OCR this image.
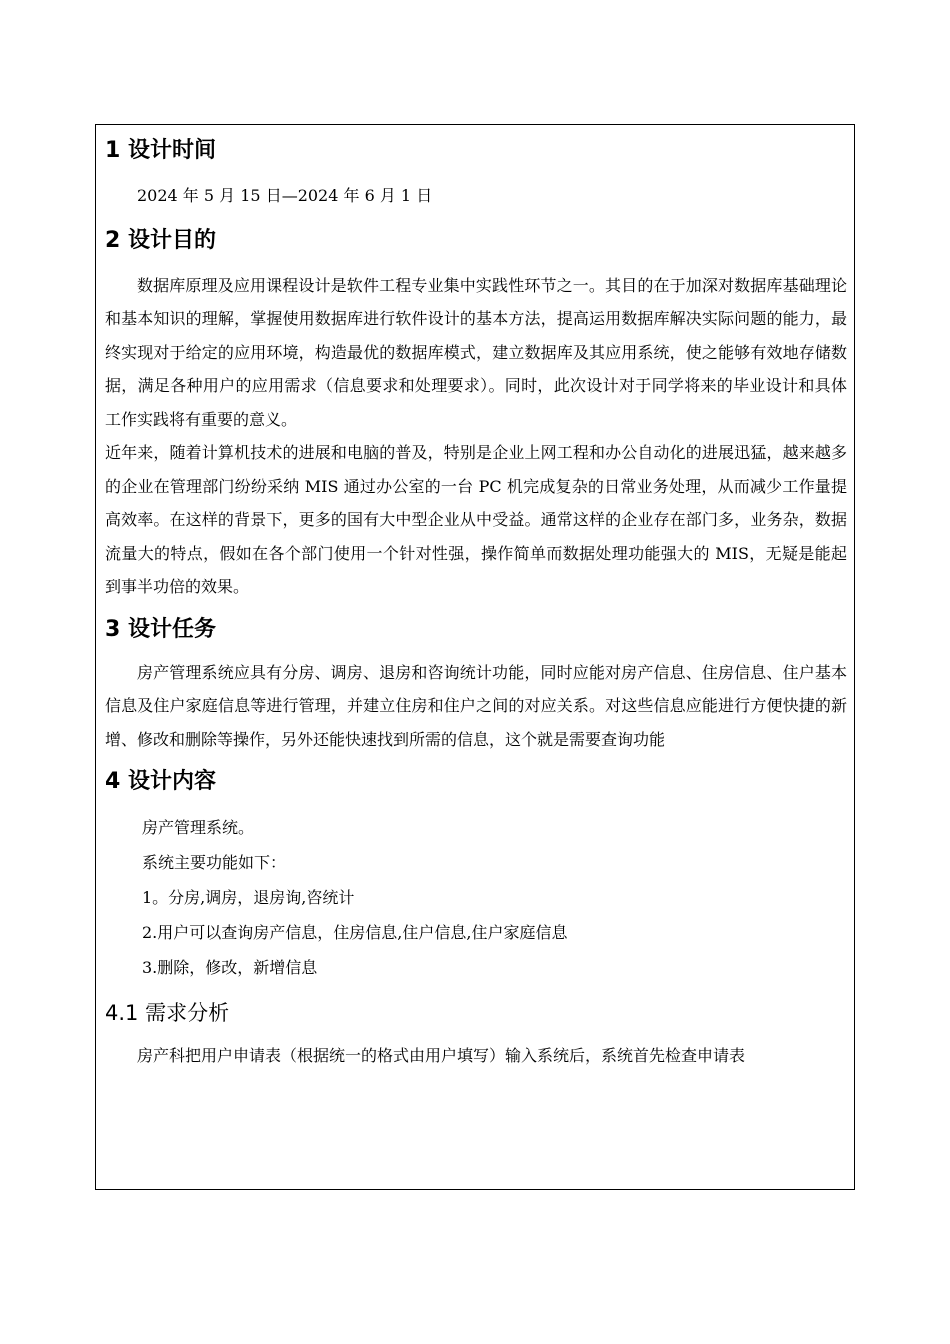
1 设计时间

2024 年 5 月 15 日—2024 年 6 月 1 日

2 设计目的

数据库原理及应用课程设计是软件工程专业集中实践性环节之一。其目的在于加深对数据库基础理论和基本知识的理解，掌握使用数据库进行软件设计的基本方法，提高运用数据库解决实际问题的能力，最终实现对于给定的应用环境，构造最优的数据库模式，建立数据库及其应用系统，使之能够有效地存储数据，满足各种用户的应用需求（信息要求和处理要求）。同时，此次设计对于同学将来的毕业设计和具体工作实践将有重要的意义。

近年来，随着计算机技术的进展和电脑的普及，特别是企业上网工程和办公自动化的进展迅猛，越来越多的企业在管理部门纷纷采纳 MIS 通过办公室的一台 PC 机完成复杂的日常业务处理，从而减少工作量提高效率。在这样的背景下，更多的国有大中型企业从中受益。通常这样的企业存在部门多，业务杂，数据流量大的特点，假如在各个部门使用一个针对性强，操作简单而数据处理功能强大的 MIS，无疑是能起到事半功倍的效果。

3 设计任务

房产管理系统应具有分房、调房、退房和咨询统计功能，同时应能对房产信息、住房信息、住户基本信息及住户家庭信息等进行管理，并建立住房和住户之间的对应关系。对这些信息应能进行方便快捷的新增、修改和删除等操作，另外还能快速找到所需的信息，这个就是需要查询功能

4 设计内容
房产管理系统。
系统主要功能如下：
1。分房,调房，退房询,咨统计
2.用户可以查询房产信息，住房信息,住户信息,住户家庭信息
3.删除，修改，新增信息
4.1 需求分析

房产科把用户申请表（根据统一的格式由用户填写）输入系统后，系统首先检查申请表
